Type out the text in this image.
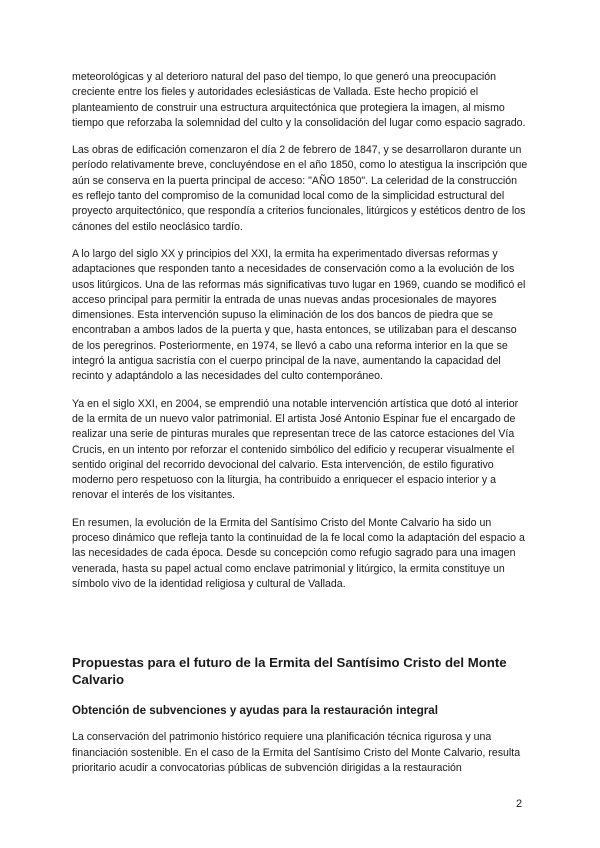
meteorológicas y al deterioro natural del paso del tiempo, lo que generó una preocupación creciente entre los fieles y autoridades eclesiásticas de Vallada. Este hecho propició el planteamiento de construir una estructura arquitectónica que protegiera la imagen, al mismo tiempo que reforzaba la solemnidad del culto y la consolidación del lugar como espacio sagrado.

Las obras de edificación comenzaron el día 2 de febrero de 1847, y se desarrollaron durante un período relativamente breve, concluyéndose en el año 1850, como lo atestigua la inscripción que aún se conserva en la puerta principal de acceso: "AÑO 1850". La celeridad de la construcción es reflejo tanto del compromiso de la comunidad local como de la simplicidad estructural del proyecto arquitectónico, que respondía a criterios funcionales, litúrgicos y estéticos dentro de los cánones del estilo neoclásico tardío.

A lo largo del siglo XX y principios del XXI, la ermita ha experimentado diversas reformas y adaptaciones que responden tanto a necesidades de conservación como a la evolución de los usos litúrgicos. Una de las reformas más significativas tuvo lugar en 1969, cuando se modificó el acceso principal para permitir la entrada de unas nuevas andas procesionales de mayores dimensiones. Esta intervención supuso la eliminación de los dos bancos de piedra que se encontraban a ambos lados de la puerta y que, hasta entonces, se utilizaban para el descanso de los peregrinos. Posteriormente, en 1974, se llevó a cabo una reforma interior en la que se integró la antigua sacristía con el cuerpo principal de la nave, aumentando la capacidad del recinto y adaptándolo a las necesidades del culto contemporáneo.

Ya en el siglo XXI, en 2004, se emprendió una notable intervención artística que dotó al interior de la ermita de un nuevo valor patrimonial. El artista José Antonio Espinar fue el encargado de realizar una serie de pinturas murales que representan trece de las catorce estaciones del Vía Crucis, en un intento por reforzar el contenido simbólico del edificio y recuperar visualmente el sentido original del recorrido devocional del calvario. Esta intervención, de estilo figurativo moderno pero respetuoso con la liturgia, ha contribuido a enriquecer el espacio interior y a renovar el interés de los visitantes.

En resumen, la evolución de la Ermita del Santísimo Cristo del Monte Calvario ha sido un proceso dinámico que refleja tanto la continuidad de la fe local como la adaptación del espacio a las necesidades de cada época. Desde su concepción como refugio sagrado para una imagen venerada, hasta su papel actual como enclave patrimonial y litúrgico, la ermita constituye un símbolo vivo de la identidad religiosa y cultural de Vallada.

Propuestas para el futuro de la Ermita del Santísimo Cristo del Monte Calvario
Obtención de subvenciones y ayudas para la restauración integral

La conservación del patrimonio histórico requiere una planificación técnica rigurosa y una financiación sostenible. En el caso de la Ermita del Santísimo Cristo del Monte Calvario, resulta prioritario acudir a convocatorias públicas de subvención dirigidas a la restauración

2
